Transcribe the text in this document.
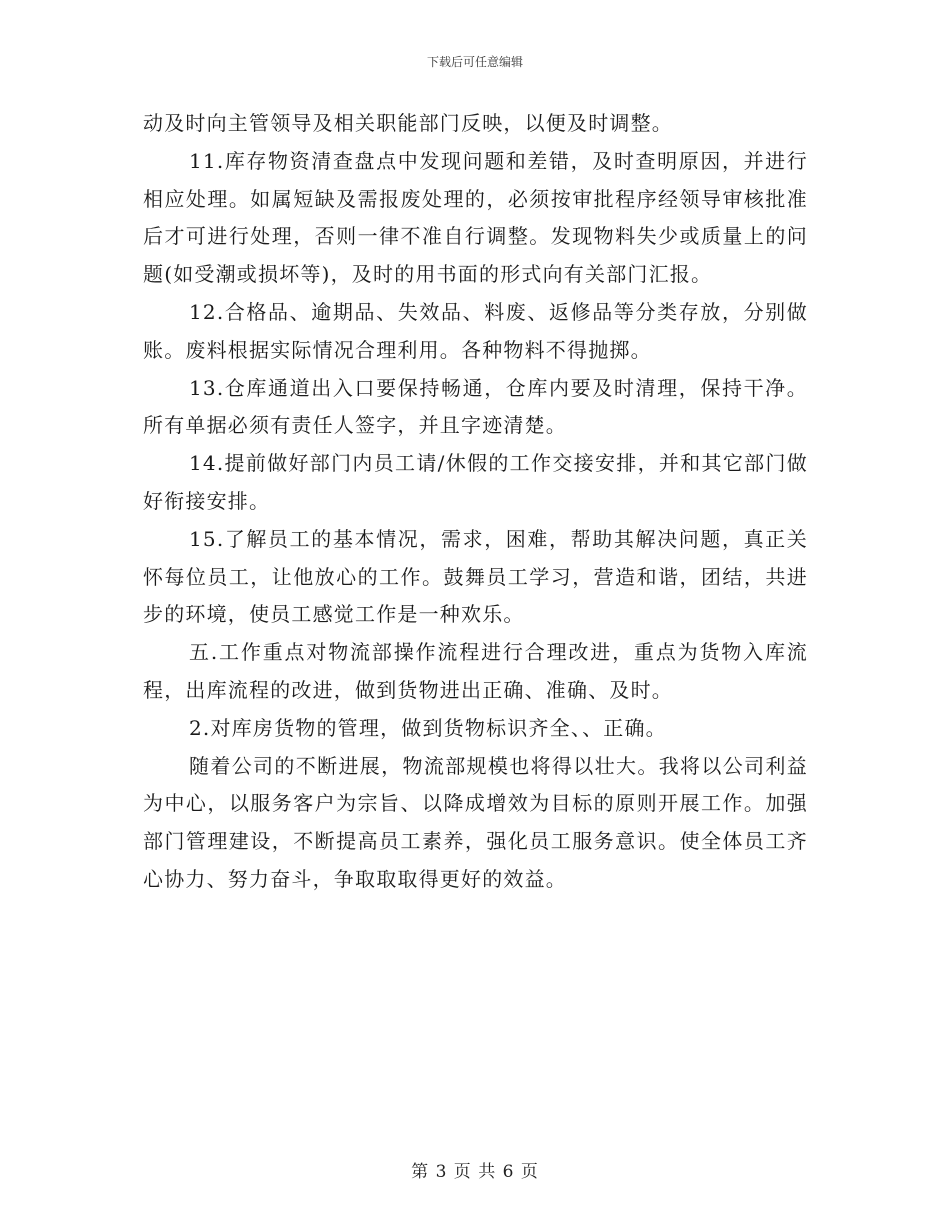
下载后可任意编辑

动及时向主管领导及相关职能部门反映，以便及时调整。

11.库存物资清查盘点中发现问题和差错，及时查明原因，并进行相应处理。如属短缺及需报废处理的，必须按审批程序经领导审核批准后才可进行处理，否则一律不准自行调整。发现物料失少或质量上的问题(如受潮或损坏等)，及时的用书面的形式向有关部门汇报。

12.合格品、逾期品、失效品、料废、返修品等分类存放，分别做账。废料根据实际情况合理利用。各种物料不得抛掷。

13.仓库通道出入口要保持畅通，仓库内要及时清理，保持干净。所有单据必须有责任人签字，并且字迹清楚。

14.提前做好部门内员工请/休假的工作交接安排，并和其它部门做好衔接安排。

15.了解员工的基本情况，需求，困难，帮助其解决问题，真正关怀每位员工，让他放心的工作。鼓舞员工学习，营造和谐，团结，共进步的环境，使员工感觉工作是一种欢乐。

五.工作重点对物流部操作流程进行合理改进，重点为货物入库流程，出库流程的改进，做到货物进出正确、准确、及时。

2.对库房货物的管理，做到货物标识齐全、、正确。

随着公司的不断进展，物流部规模也将得以壮大。我将以公司利益为中心，以服务客户为宗旨、以降成增效为目标的原则开展工作。加强部门管理建设，不断提高员工素养，强化员工服务意识。使全体员工齐心协力、努力奋斗，争取取取得更好的效益。

第 3 页 共 6 页
